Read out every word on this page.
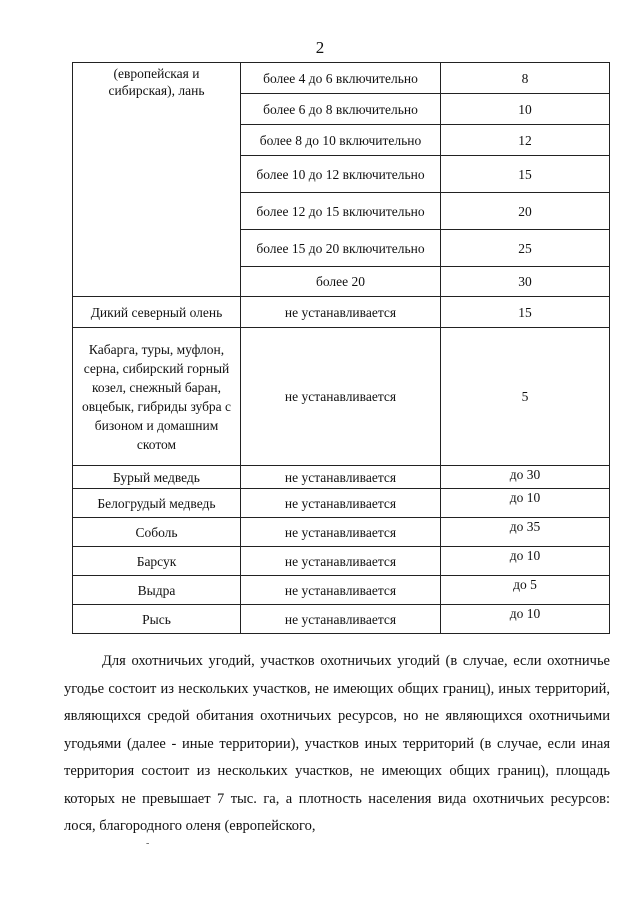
2
(европейская и сибирская), лань	более 4 до 6 включительно	8
	более 6 до 8 включительно	10
	более 8 до 10 включительно	12
	более 10 до 12 включительно	15
	более 12 до 15 включительно	20
	более 15 до 20 включительно	25
	более 20	30
Дикий северный олень	не устанавливается	15
Кабарга, туры, муфлон, серна, сибирский горный козел, снежный баран, овцебык, гибриды зубра с бизоном и домашним скотом	не устанавливается	5
Бурый медведь	не устанавливается	до 30
Белогрудый медведь	не устанавливается	до 10
Соболь	не устанавливается	до 35
Барсук	не устанавливается	до 10
Выдра	не устанавливается	до 5
Рысь	не устанавливается	до 10
Для охотничьих угодий, участков охотничьих угодий (в случае, если охотничье угодье состоит из нескольких участков, не имеющих общих границ), иных территорий, являющихся средой обитания охотничьих ресурсов, но не являющихся охотничьими угодьями (далее - иные территории), участков иных территорий (в случае, если иная территория состоит из нескольких участков, не имеющих общих границ), площадь которых не превышает 7 тыс. га, а плотность населения вида охотничьих ресурсов: лося, благородного оленя (европейского,
-
